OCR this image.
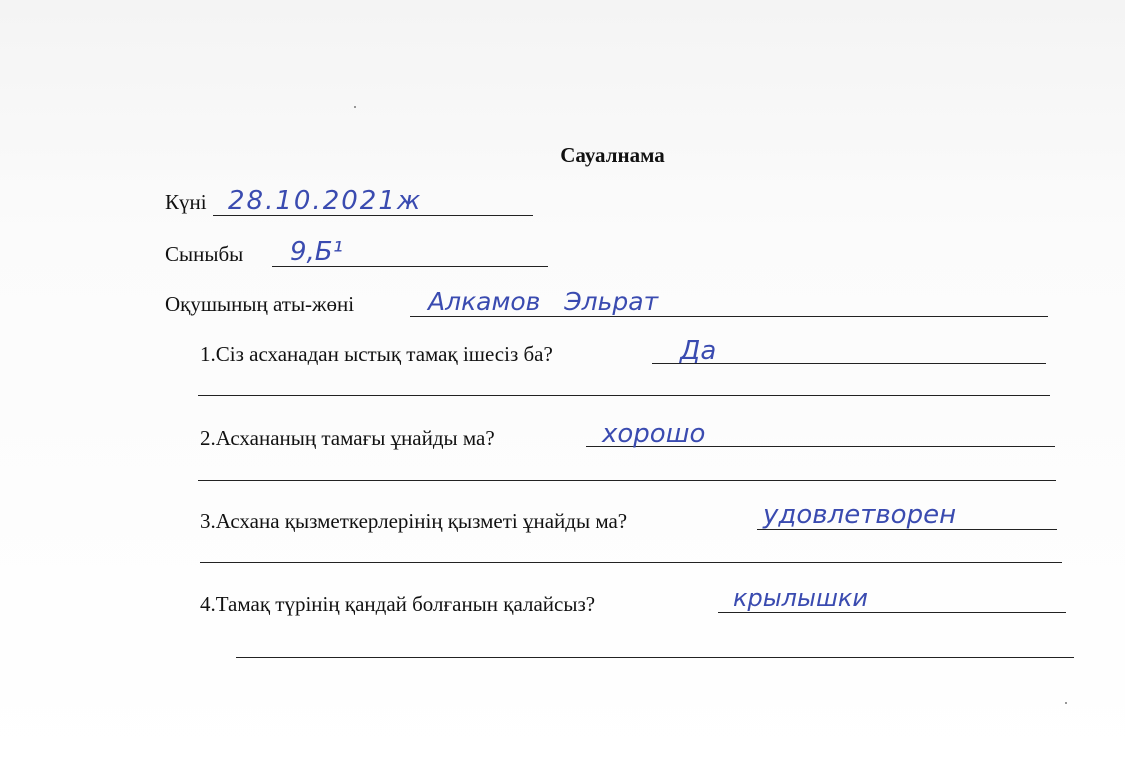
Сауалнама
Күні 28.10.2021ж
Сыныбы 9,Б¹
Оқушының аты-жөні	Алкамов   Эльрат
1.Сіз асханадан ыстық тамақ ішесіз ба?	Да
2.Асхананың тамағы ұнайды ма?	хорошо
3.Асхана қызметкерлерінің қызметі ұнайды ма?	удовлетворен
4.Тамақ түрінің қандай болғанын қалайсыз?	крылышки
